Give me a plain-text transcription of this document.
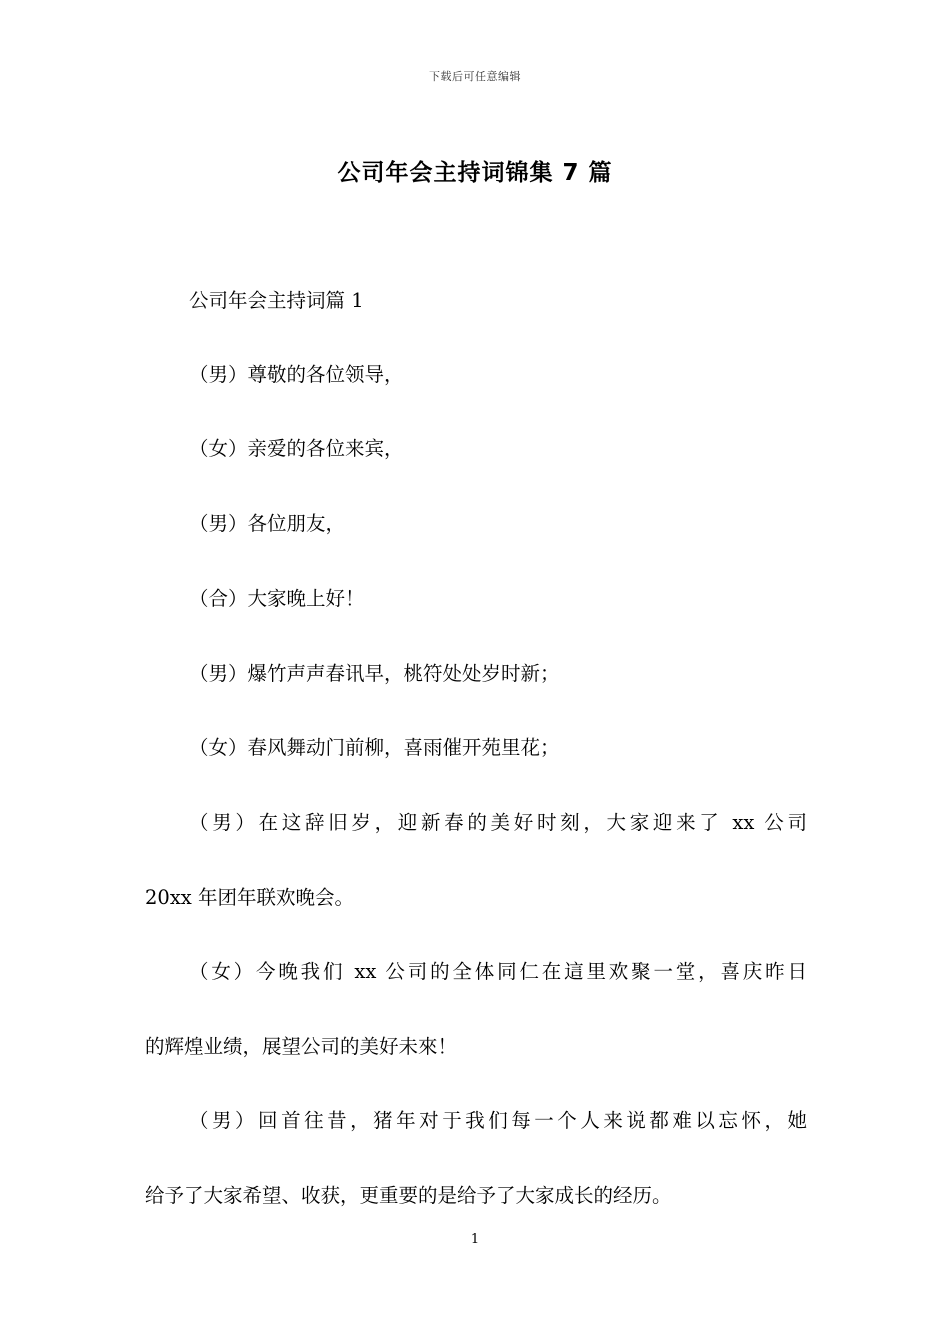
下载后可任意编辑
公司年会主持词锦集 7 篇
公司年会主持词篇 1
（男）尊敬的各位领导，
（女）亲爱的各位来宾，
（男）各位朋友，
（合）大家晚上好！
（男）爆竹声声春讯早，桃符处处岁时新；
（女）春风舞动门前柳，喜雨催开苑里花；
（男）在这辞旧岁，迎新春的美好时刻，大家迎来了 xx 公司
20xx 年团年联欢晚会。
（女）今晚我们 xx 公司的全体同仁在這里欢聚一堂，喜庆昨日
的辉煌业绩，展望公司的美好未來！
（男）回首往昔，猪年对于我们每一个人来说都难以忘怀，她
给予了大家希望、收获，更重要的是给予了大家成长的经历。
1
